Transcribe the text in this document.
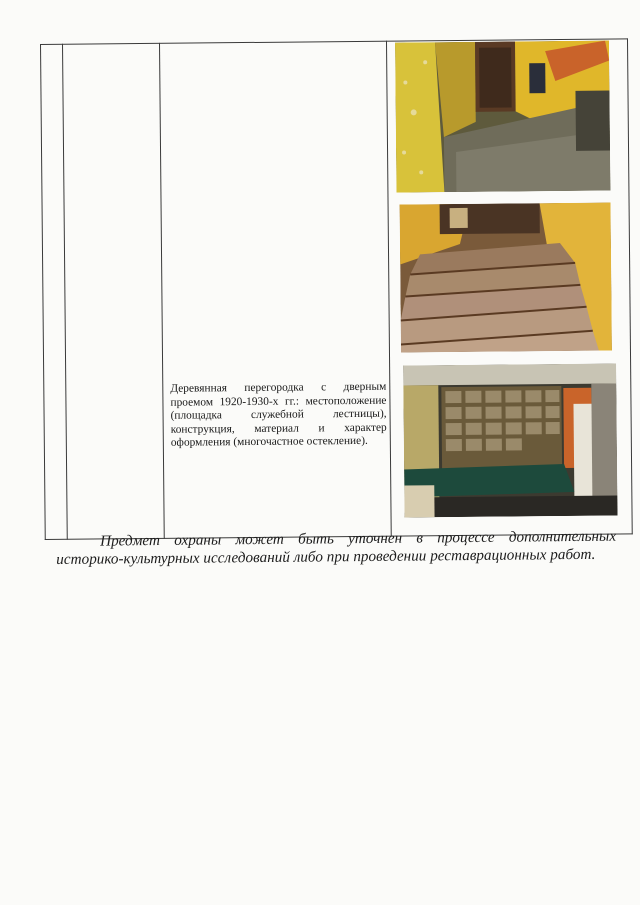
Деревянная перегородка с дверным проемом 1920-1930-х гг.: местоположение (площадка служебной лестницы), конструкция, материал и характер оформления (многочастное остекление).
Предмет охраны может быть уточнен в процессе дополнительных
историко-культурных исследований либо при проведении реставрационных работ.
